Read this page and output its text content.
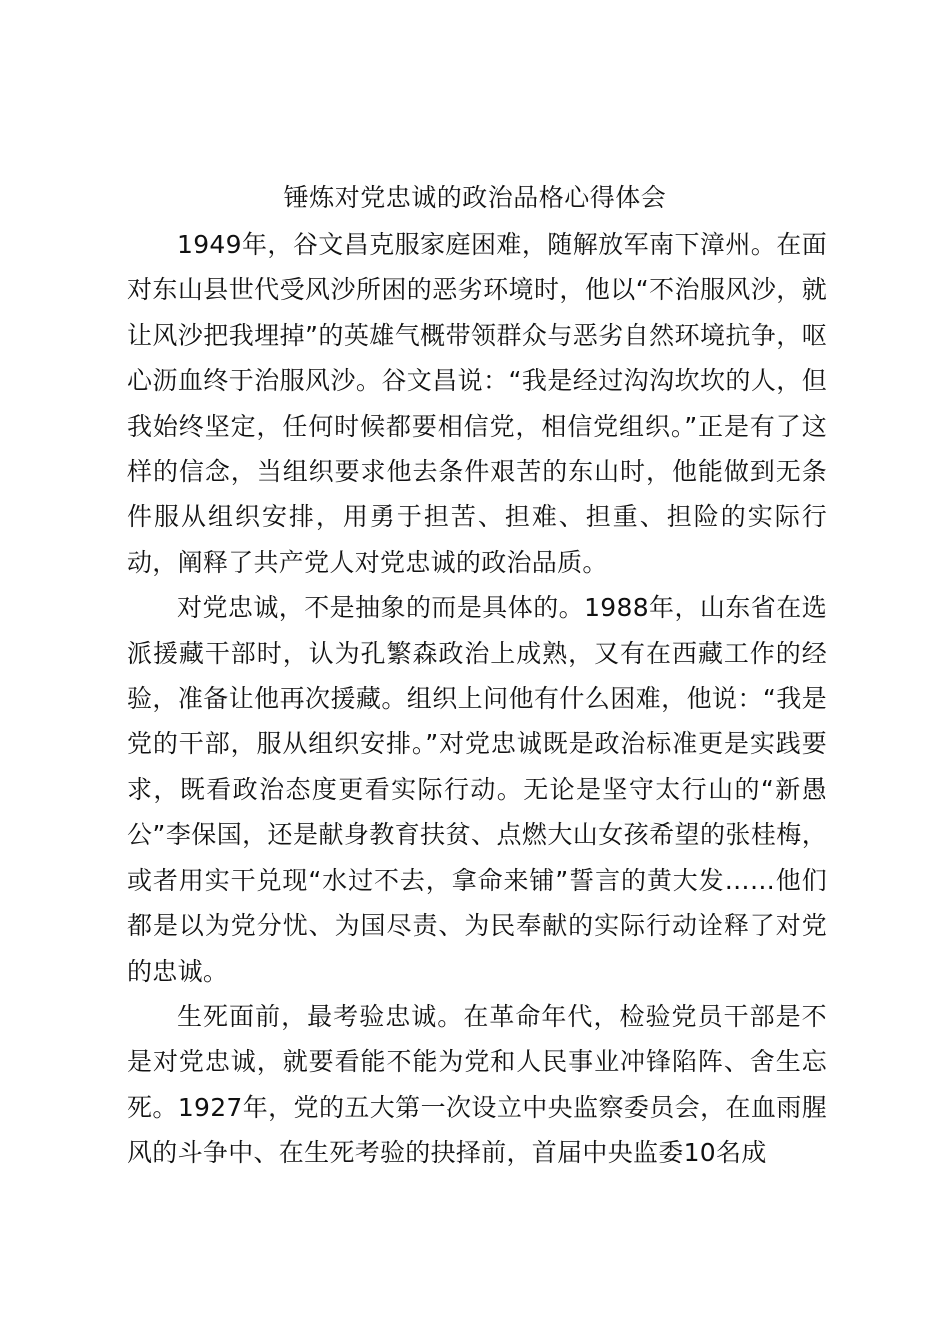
锤炼对党忠诚的政治品格心得体会

1949年，谷文昌克服家庭困难，随解放军南下漳州。在面对东山县世代受风沙所困的恶劣环境时，他以“不治服风沙，就让风沙把我埋掉”的英雄气概带领群众与恶劣自然环境抗争，呕心沥血终于治服风沙。谷文昌说：“我是经过沟沟坎坎的人，但我始终坚定，任何时候都要相信党，相信党组织。”正是有了这样的信念，当组织要求他去条件艰苦的东山时，他能做到无条件服从组织安排，用勇于担苦、担难、担重、担险的实际行动，阐释了共产党人对党忠诚的政治品质。

对党忠诚，不是抽象的而是具体的。1988年，山东省在选派援藏干部时，认为孔繁森政治上成熟，又有在西藏工作的经验，准备让他再次援藏。组织上问他有什么困难，他说：“我是党的干部，服从组织安排。”对党忠诚既是政治标准更是实践要求，既看政治态度更看实际行动。无论是坚守太行山的“新愚公”李保国，还是献身教育扶贫、点燃大山女孩希望的张桂梅，或者用实干兑现“水过不去，拿命来铺”誓言的黄大发……他们都是以为党分忧、为国尽责、为民奉献的实际行动诠释了对党的忠诚。

生死面前，最考验忠诚。在革命年代，检验党员干部是不是对党忠诚，就要看能不能为党和人民事业冲锋陷阵、舍生忘死。1927年，党的五大第一次设立中央监察委员会，在血雨腥风的斗争中、在生死考验的抉择前，首届中央监委10名成
